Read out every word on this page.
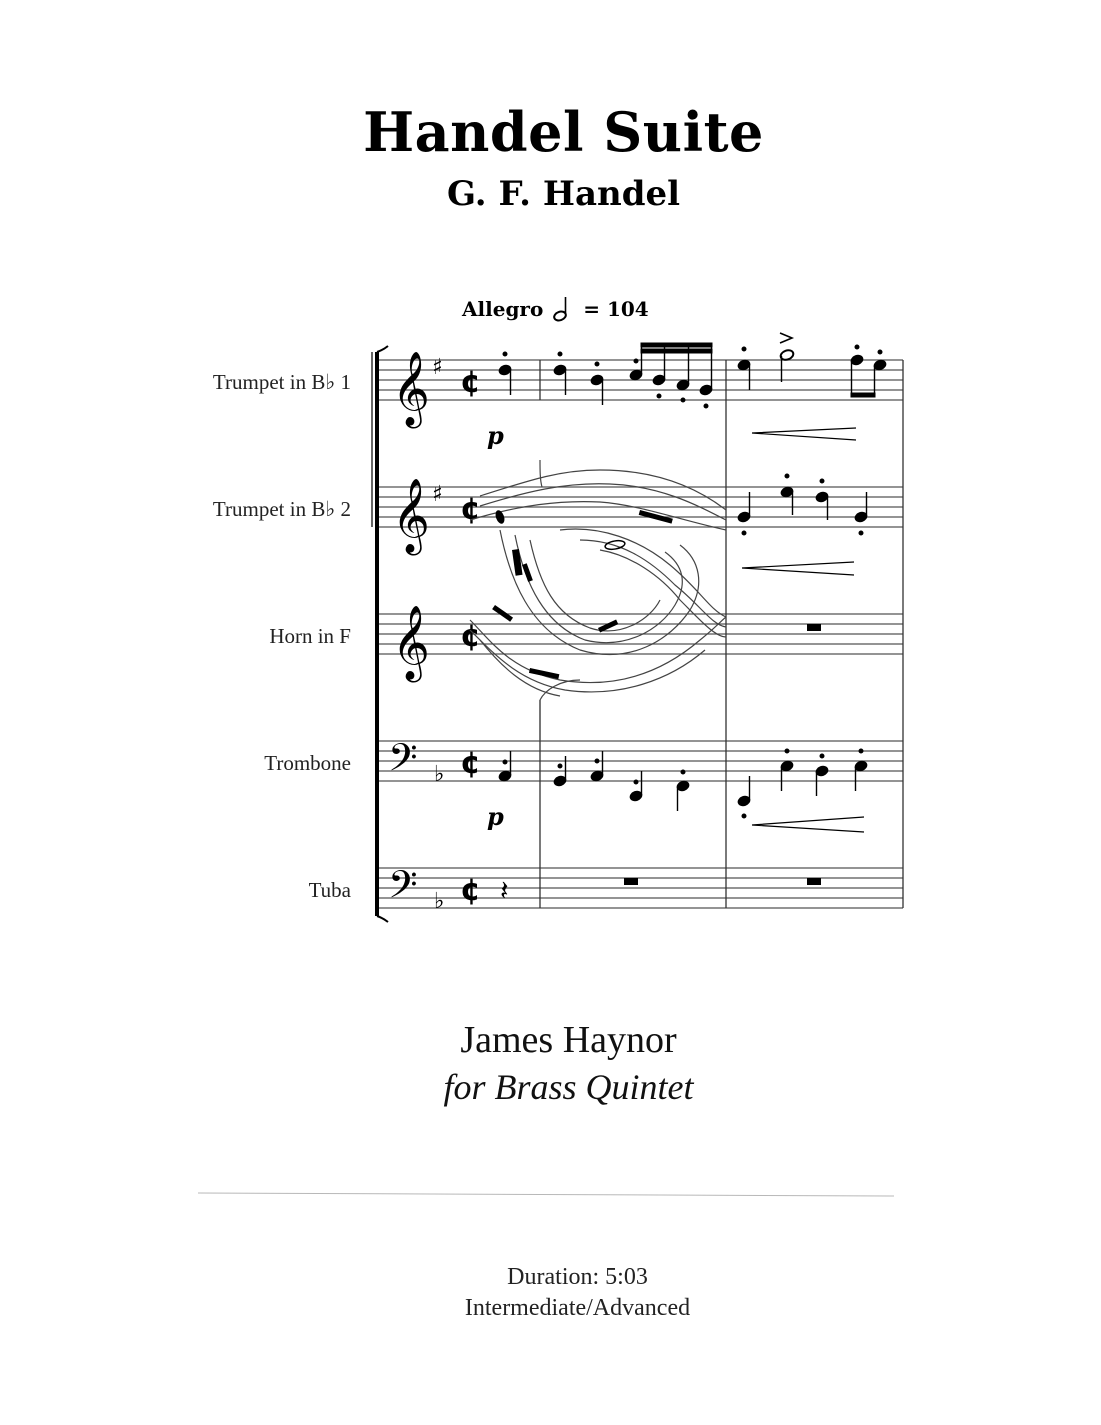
Handel Suite
G. F. Handel
Allegro = 104
Trumpet in B♭ 1
Trumpet in B♭ 2
Horn in F
Trombone
Tuba
𝄞
𝄞
𝄞
𝄢
𝄢
♯
♯
♭
♭
¢
¢
¢
¢
¢ 𝄽
p
p
James Haynor
for Brass Quintet
Duration: 5:03
Intermediate/Advanced
